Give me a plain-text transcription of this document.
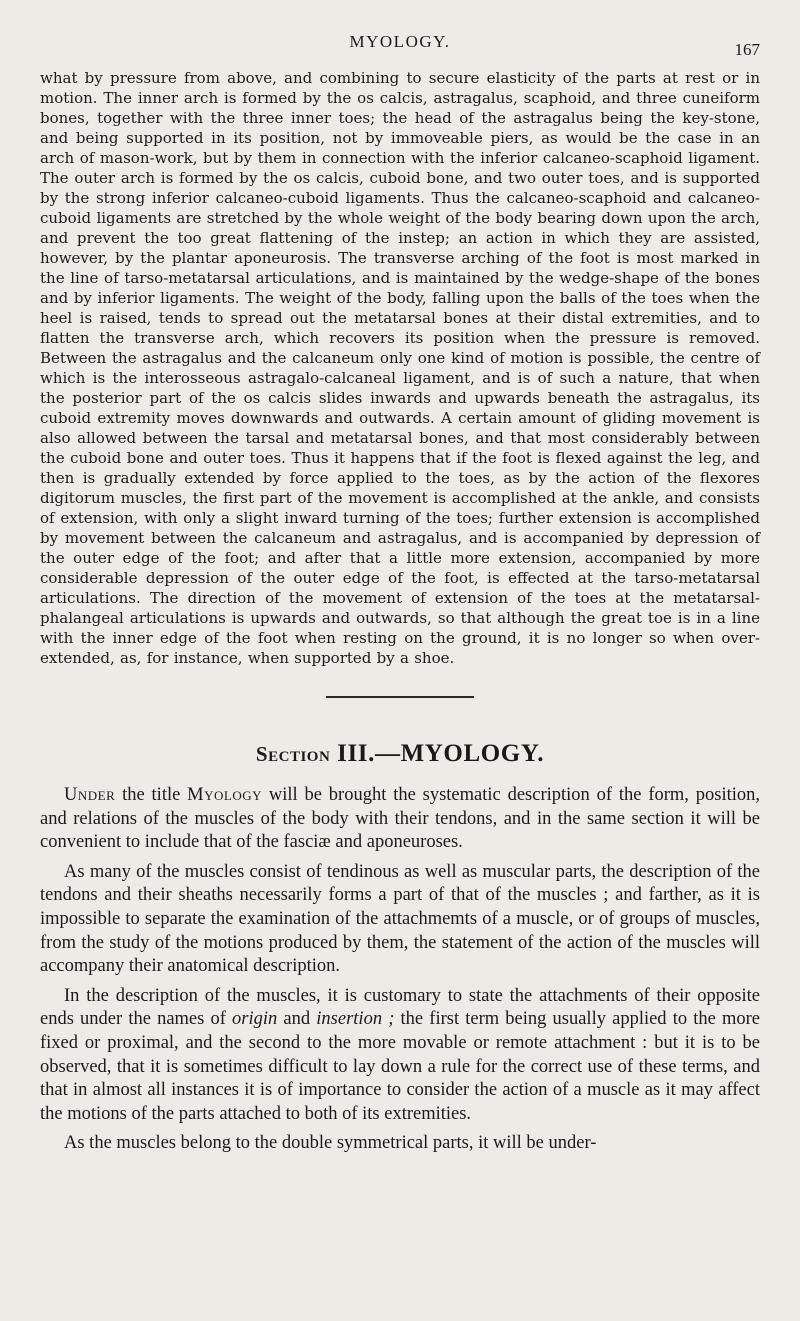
MYOLOGY.	167

what by pressure from above, and combining to secure elasticity of the parts at rest or in motion. The inner arch is formed by the os calcis, astragalus, scaphoid, and three cuneiform bones, together with the three inner toes; the head of the astragalus being the key-stone, and being supported in its position, not by immoveable piers, as would be the case in an arch of mason-work, but by them in connection with the inferior calcaneo-scaphoid ligament. The outer arch is formed by the os calcis, cuboid bone, and two outer toes, and is supported by the strong inferior calcaneo-cuboid ligaments. Thus the calcaneo-scaphoid and calcaneo-cuboid ligaments are stretched by the whole weight of the body bearing down upon the arch, and prevent the too great flattening of the instep; an action in which they are assisted, however, by the plantar aponeurosis. The transverse arching of the foot is most marked in the line of tarso-metatarsal articulations, and is maintained by the wedge-shape of the bones and by inferior ligaments. The weight of the body, falling upon the balls of the toes when the heel is raised, tends to spread out the metatarsal bones at their distal extremities, and to flatten the transverse arch, which recovers its position when the pressure is removed. Between the astragalus and the calcaneum only one kind of motion is possible, the centre of which is the interosseous astragalo-calcaneal ligament, and is of such a nature, that when the posterior part of the os calcis slides inwards and upwards beneath the astragalus, its cuboid extremity moves downwards and outwards. A certain amount of gliding movement is also allowed between the tarsal and metatarsal bones, and that most considerably between the cuboid bone and outer toes. Thus it happens that if the foot is flexed against the leg, and then is gradually extended by force applied to the toes, as by the action of the flexores digitorum muscles, the first part of the movement is accomplished at the ankle, and consists of extension, with only a slight inward turning of the toes; further extension is accomplished by movement between the calcaneum and astragalus, and is accompanied by depression of the outer edge of the foot; and after that a little more extension, accompanied by more considerable depression of the outer edge of the foot, is effected at the tarso-metatarsal articulations. The direction of the movement of extension of the toes at the metatarsal-phalangeal articulations is upwards and outwards, so that although the great toe is in a line with the inner edge of the foot when resting on the ground, it is no longer so when over-extended, as, for instance, when supported by a shoe.

Section III.—MYOLOGY.

Under the title Myology will be brought the systematic description of the form, position, and relations of the muscles of the body with their tendons, and in the same section it will be convenient to include that of the fasciæ and aponeuroses.

As many of the muscles consist of tendinous as well as muscular parts, the description of the tendons and their sheaths necessarily forms a part of that of the muscles ; and farther, as it is impossible to separate the examination of the attachmemts of a muscle, or of groups of muscles, from the study of the motions produced by them, the statement of the action of the muscles will accompany their anatomical description.

In the description of the muscles, it is customary to state the attachments of their opposite ends under the names of origin and insertion ; the first term being usually applied to the more fixed or proximal, and the second to the more movable or remote attachment : but it is to be observed, that it is sometimes difficult to lay down a rule for the correct use of these terms, and that in almost all instances it is of importance to consider the action of a muscle as it may affect the motions of the parts attached to both of its extremities.

As the muscles belong to the double symmetrical parts, it will be under-
